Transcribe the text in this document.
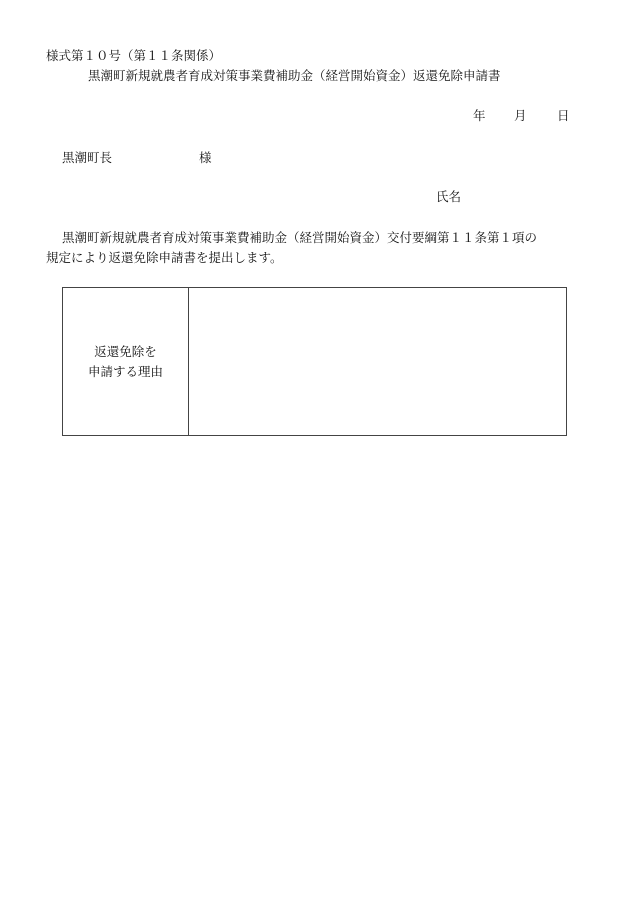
様式第１０号（第１１条関係）
黒潮町新規就農者育成対策事業費補助金（経営開始資金）返還免除申請書
年 月 日
黒潮町長	様
氏名
黒潮町新規就農者育成対策事業費補助金（経営開始資金）交付要綱第１１条第１項の
規定により返還免除申請書を提出します。
返還免除を
申請する理由
